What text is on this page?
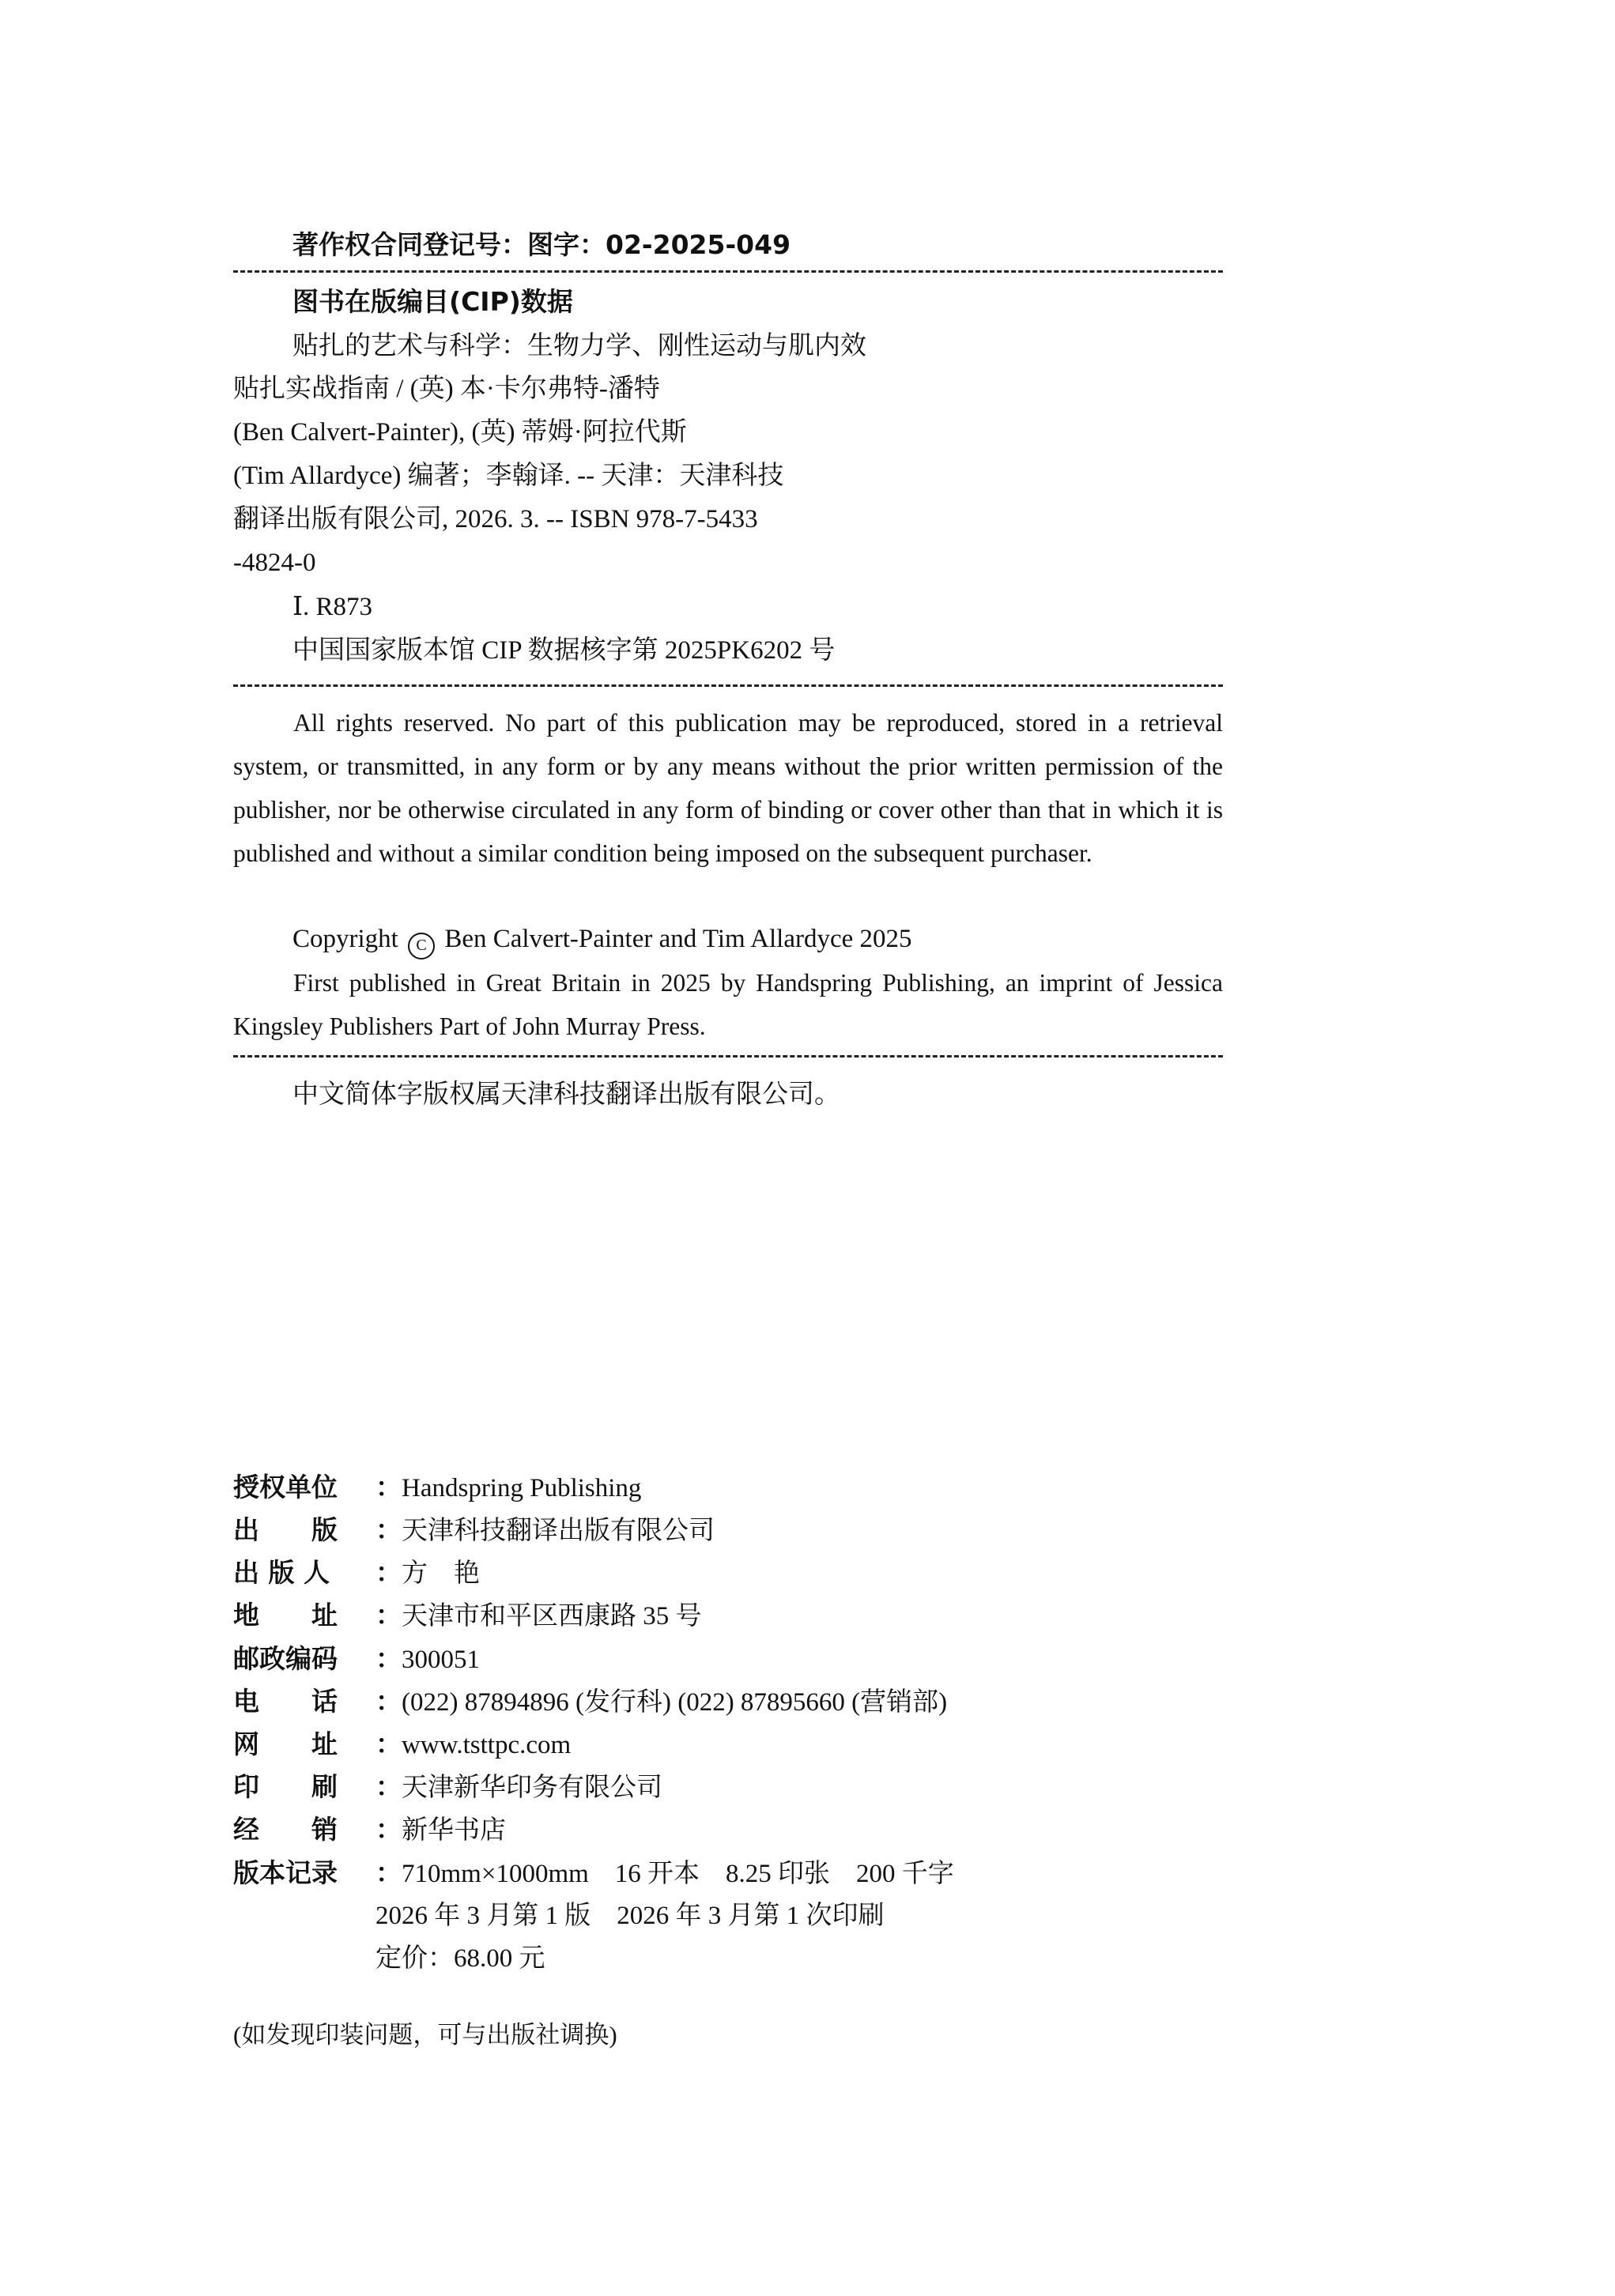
著作权合同登记号：图字：02-2025-049
图书在版编目(CIP)数据
贴扎的艺术与科学：生物力学、刚性运动与肌内效
贴扎实战指南 / (英) 本·卡尔弗特-潘特
(Ben Calvert-Painter), (英) 蒂姆·阿拉代斯
(Tim Allardyce) 编著；李翰译. -- 天津：天津科技
翻译出版有限公司, 2026. 3. -- ISBN 978-7-5433
-4824-0
Ⅰ. R873
中国国家版本馆 CIP 数据核字第 2025PK6202 号
All rights reserved. No part of this publication may be reproduced, stored in a retrieval system, or transmitted, in any form or by any means without the prior written permission of the publisher, nor be otherwise circulated in any form of binding or cover other than that in which it is published and without a similar condition being imposed on the subsequent purchaser.
Copyright C Ben Calvert-Painter and Tim Allardyce 2025
First published in Great Britain in 2025 by Handspring Publishing, an imprint of Jessica Kingsley Publishers Part of John Murray Press.
中文简体字版权属天津科技翻译出版有限公司。
授权单位 ：Handspring Publishing
出　　版 ：天津科技翻译出版有限公司
出 版 人 ：方　艳
地　　址 ：天津市和平区西康路 35 号
邮政编码 ：300051
电　　话 ：(022) 87894896 (发行科) (022) 87895660 (营销部)
网　　址 ：www.tsttpc.com
印　　刷 ：天津新华印务有限公司
经　　销 ：新华书店
版本记录 ：710mm×1000mm　16 开本　8.25 印张　200 千字
2026 年 3 月第 1 版　2026 年 3 月第 1 次印刷
定价：68.00 元
(如发现印装问题，可与出版社调换)
